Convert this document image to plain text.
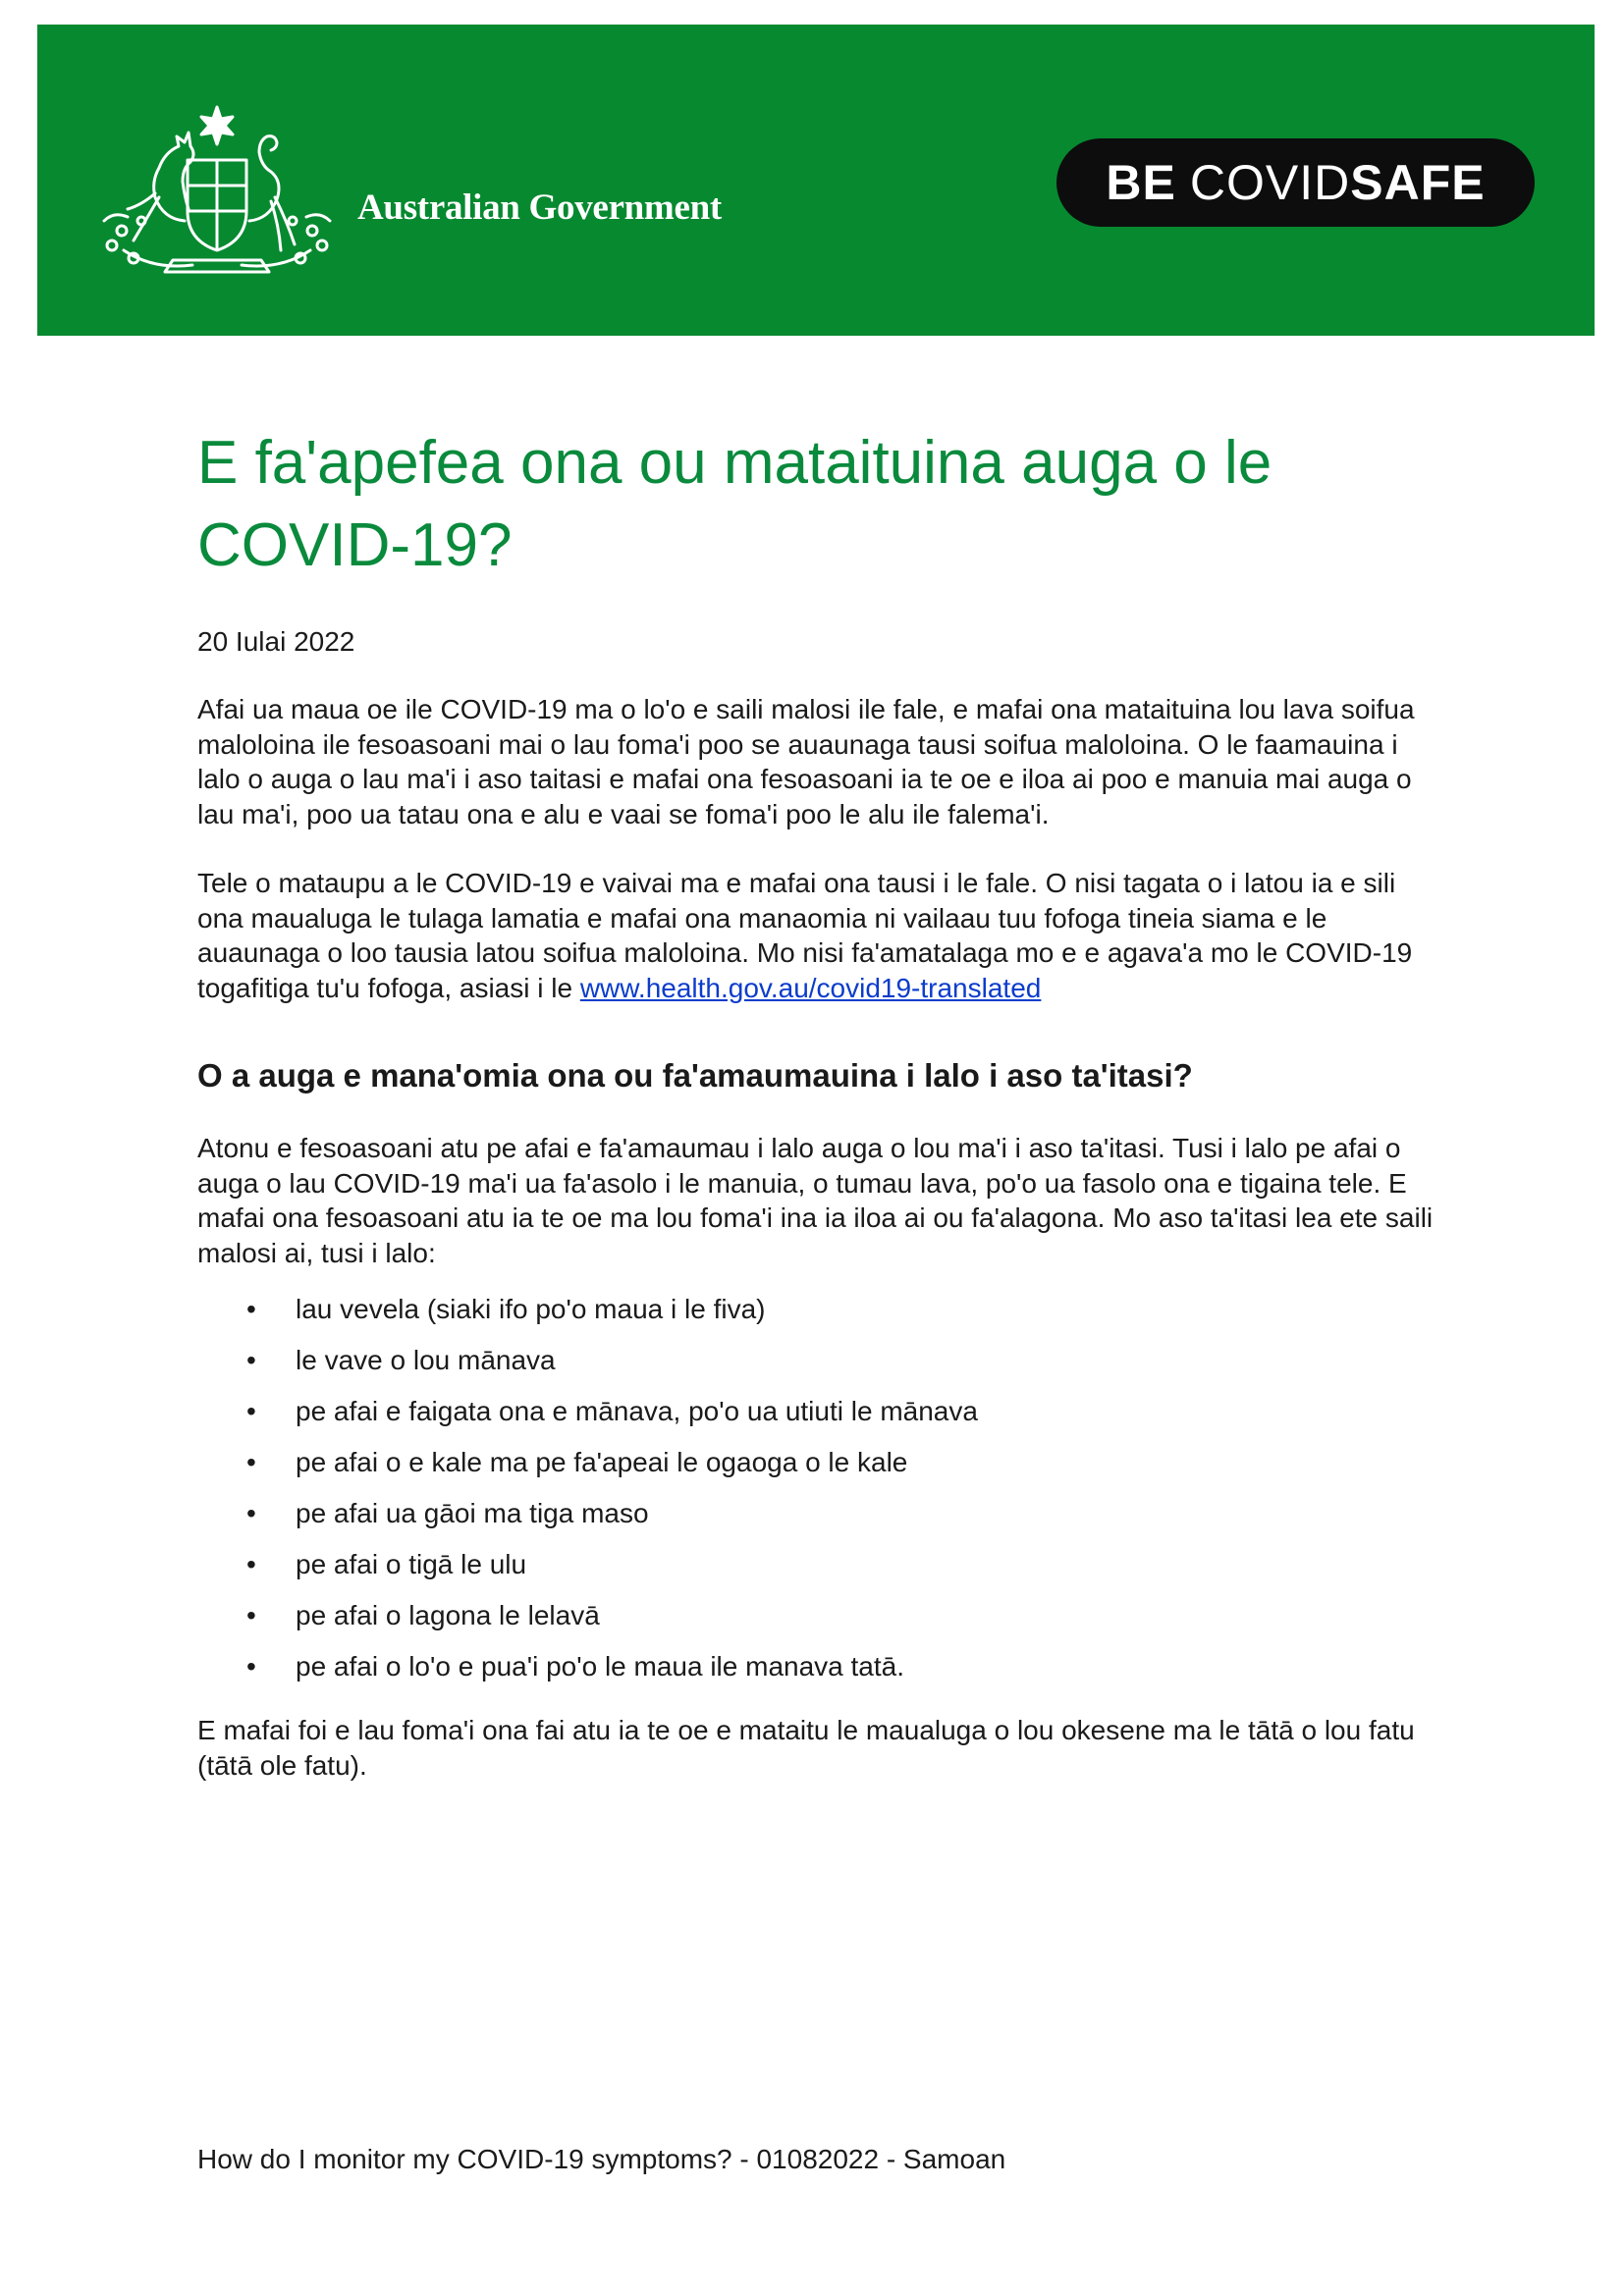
Australian Government	BE COVID SAFE
E fa'apefea ona ou mataituina auga o le COVID-19?
20 Iulai 2022

Afai ua maua oe ile COVID-19 ma o lo'o e saili malosi ile fale, e mafai ona mataituina lou lava soifua maloloina ile fesoasoani mai o lau foma'i poo se auaunaga tausi soifua maloloina. O le faamauina i lalo o auga o lau ma'i i aso taitasi e mafai ona fesoasoani ia te oe e iloa ai poo e manuia mai auga o lau ma'i, poo ua tatau ona e alu e vaai se foma'i poo le alu ile falema'i.

Tele o mataupu a le COVID-19 e vaivai ma e mafai ona tausi i le fale. O nisi tagata o i latou ia e sili ona maualuga le tulaga lamatia e mafai ona manaomia ni vailaau tuu fofoga tineia siama e le auaunaga o loo tausia latou soifua maloloina. Mo nisi fa'amatalaga mo e e agava'a mo le COVID-19 togafitiga tu'u fofoga, asiasi i le www.health.gov.au/covid19-translated

O a auga e mana'omia ona ou fa'amaumauina i lalo i aso ta'itasi?

Atonu e fesoasoani atu pe afai e fa'amaumau i lalo auga o lou ma'i i aso ta'itasi. Tusi i lalo pe afai o auga o lau COVID-19 ma'i ua fa'asolo i le manuia, o tumau lava, po'o ua fasolo ona e tigaina tele. E mafai ona fesoasoani atu ia te oe ma lou foma'i ina ia iloa ai ou fa'alagona. Mo aso ta'itasi lea ete saili malosi ai, tusi i lalo:

• lau vevela (siaki ifo po'o maua i le fiva)
• le vave o lou mānava
• pe afai e faigata ona e mānava, po'o ua utiuti le mānava
• pe afai o e kale ma pe fa'apeai le ogaoga o le kale
• pe afai ua gāoi ma tiga maso
• pe afai o tigā le ulu
• pe afai o lagona le lelavā
• pe afai o lo'o e pua'i po'o le maua ile manava tatā.

E mafai foi e lau foma'i ona fai atu ia te oe e mataitu le maualuga o lou okesene ma le tātā o lou fatu (tātā ole fatu).

How do I monitor my COVID-19 symptoms? - 01082022 - Samoan
